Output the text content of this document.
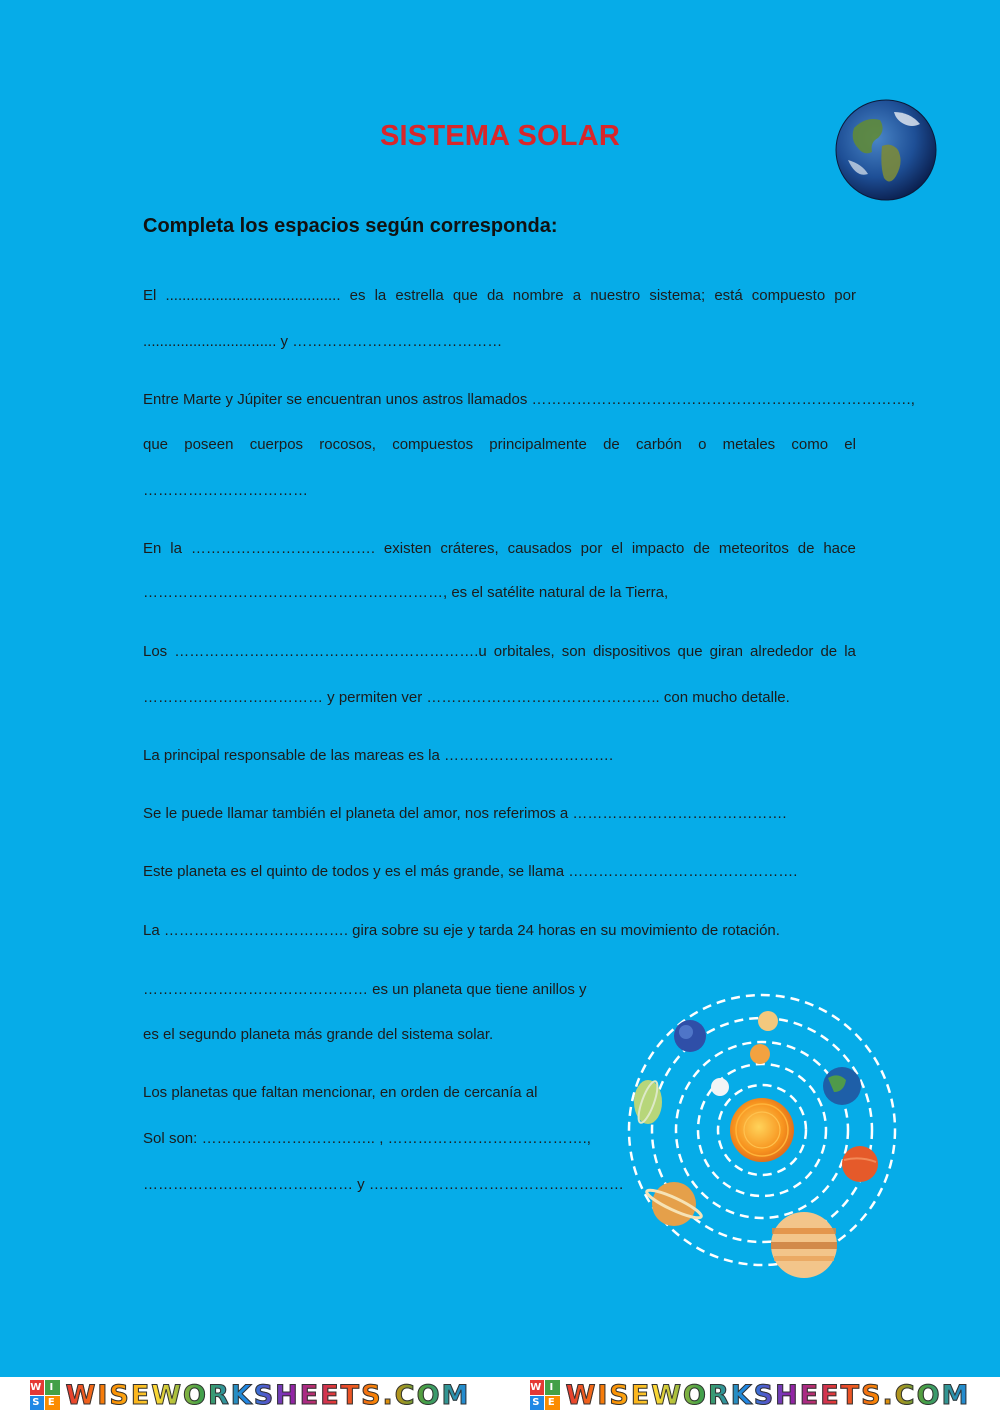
SISTEMA SOLAR
Completa los espacios según corresponda:
El .......................................... es la estrella que da nombre a nuestro sistema; está compuesto por
................................ y ……………………………………
Entre Marte y Júpiter se encuentran unos astros llamados ………………………………………………………………….,
que poseen cuerpos rocosos, compuestos principalmente de carbón o metales como el
……………………………
En la ………………………………. existen cráteres, causados por el impacto de meteoritos de hace
……………………………………………………, es el satélite natural de la Tierra,
Los …………………………………………………….u orbitales, son dispositivos que giran alrededor de la
……………………………… y permiten ver ……………………………………….. con mucho detalle.
La principal responsable de las mareas es la …………………………….
Se le puede llamar también el planeta del amor, nos referimos a …………………………………….
Este planeta es el quinto de todos y es el más grande, se llama ……………………………………….
La ………………………………. gira sobre su eje y tarda 24 horas en su movimiento de rotación.
……………………………………… es un planeta que tiene anillos y
es el segundo planeta más grande del sistema solar.
Los planetas que faltan mencionar, en orden de cercanía al
Sol son: …………………………….. , ………………………………….,
…………………………………… y ……………………………………………
W I
S E WISEWORKSHEETS.COM	W I
S E WISEWORKSHEETS.COM
